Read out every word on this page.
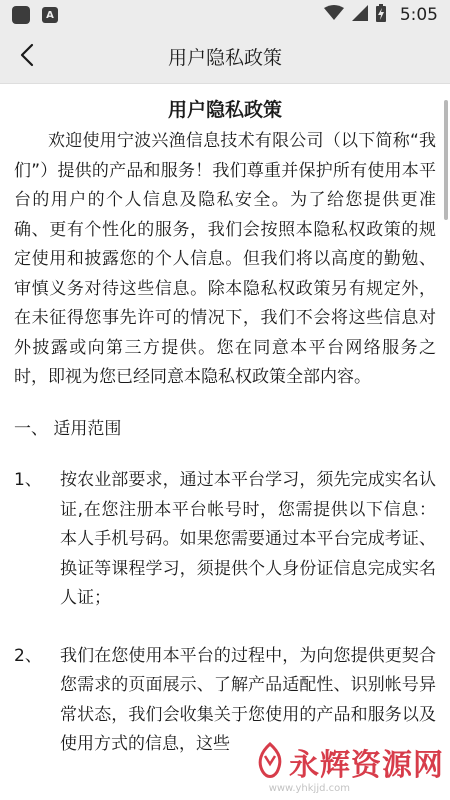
A	5:05
用户隐私政策
用户隐私政策

欢迎使用宁波兴渔信息技术有限公司（以下简称“我们”）提供的产品和服务！我们尊重并保护所有使用本平台的用户的个人信息及隐私安全。为了给您提供更准确、更有个性化的服务，我们会按照本隐私权政策的规定使用和披露您的个人信息。但我们将以高度的勤勉、审慎义务对待这些信息。除本隐私权政策另有规定外，在未征得您事先许可的情况下，我们不会将这些信息对外披露或向第三方提供。您在同意本平台网络服务之时，即视为您已经同意本隐私权政策全部内容。

一、 适用范围
1、	按农业部要求，通过本平台学习，须先完成实名认证,在您注册本平台帐号时，您需提供以下信息：本人手机号码。如果您需要通过本平台完成考证、换证等课程学习，须提供个人身份证信息完成实名人证；
2、	我们在您使用本平台的过程中，为向您提供更契合您需求的页面展示、了解产品适配性、识别帐号异常状态，我们会收集关于您使用的产品和服务以及使用方式的信息，这些
永辉资源网
www.yhkjjd.com
